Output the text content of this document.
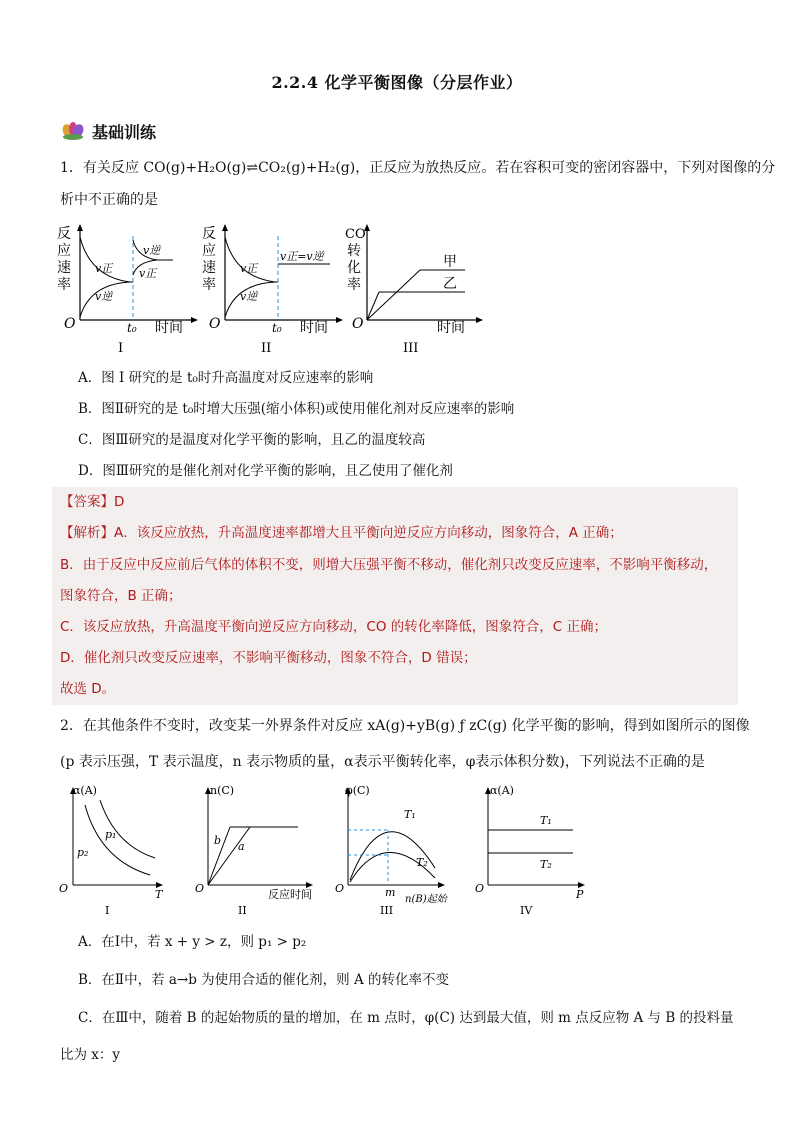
2.2.4 化学平衡图像（分层作业）
基础训练
1．有关反应 CO(g)+H₂O(g)⇌CO₂(g)+H₂(g)，正反应为放热反应。若在容积可变的密闭容器中，下列对图像的分
析中不正确的是
反
应
速
率
O	t₀ 时间
v正
v逆
v逆
v正
I
反
应
速
率
O	t₀ 时间
v正
v逆
v正=v逆
II
CO
转
化
率
O	时间
甲
乙
III
A．图 I 研究的是 t₀时升高温度对反应速率的影响
B．图Ⅱ研究的是 t₀时增大压强(缩小体积)或使用催化剂对反应速率的影响
C．图Ⅲ研究的是温度对化学平衡的影响，且乙的温度较高
D．图Ⅲ研究的是催化剂对化学平衡的影响，且乙使用了催化剂
【答案】D
【解析】A．该反应放热，升高温度速率都增大且平衡向逆反应方向移动，图象符合，A 正确；
B．由于反应中反应前后气体的体积不变，则增大压强平衡不移动，催化剂只改变反应速率，不影响平衡移动，
图象符合，B 正确；
C．该反应放热，升高温度平衡向逆反应方向移动，CO 的转化率降低，图象符合，C 正确；
D．催化剂只改变反应速率，不影响平衡移动，图象不符合，D 错误；
故选 D。
2．在其他条件不变时，改变某一外界条件对反应 xA(g)+yB(g) ƒ zC(g) 化学平衡的影响，得到如图所示的图像
(p 表示压强，T 表示温度，n 表示物质的量，α表示平衡转化率，φ表示体积分数)，下列说法不正确的是
α(A)
O	T
p₁
p₂
I
n(C)
O	反应时间
b a
II
φ(C)
O	m
n(B)起始
T₁
T₂
III
α(A)
O	P
T₁
T₂
IV
A．在Ⅰ中，若 x + y > z，则 p₁ > p₂
B．在Ⅱ中，若 a→b 为使用合适的催化剂，则 A 的转化率不变
C．在Ⅲ中，随着 B 的起始物质的量的增加，在 m 点时，φ(C) 达到最大值，则 m 点反应物 A 与 B 的投料量
比为 x：y
